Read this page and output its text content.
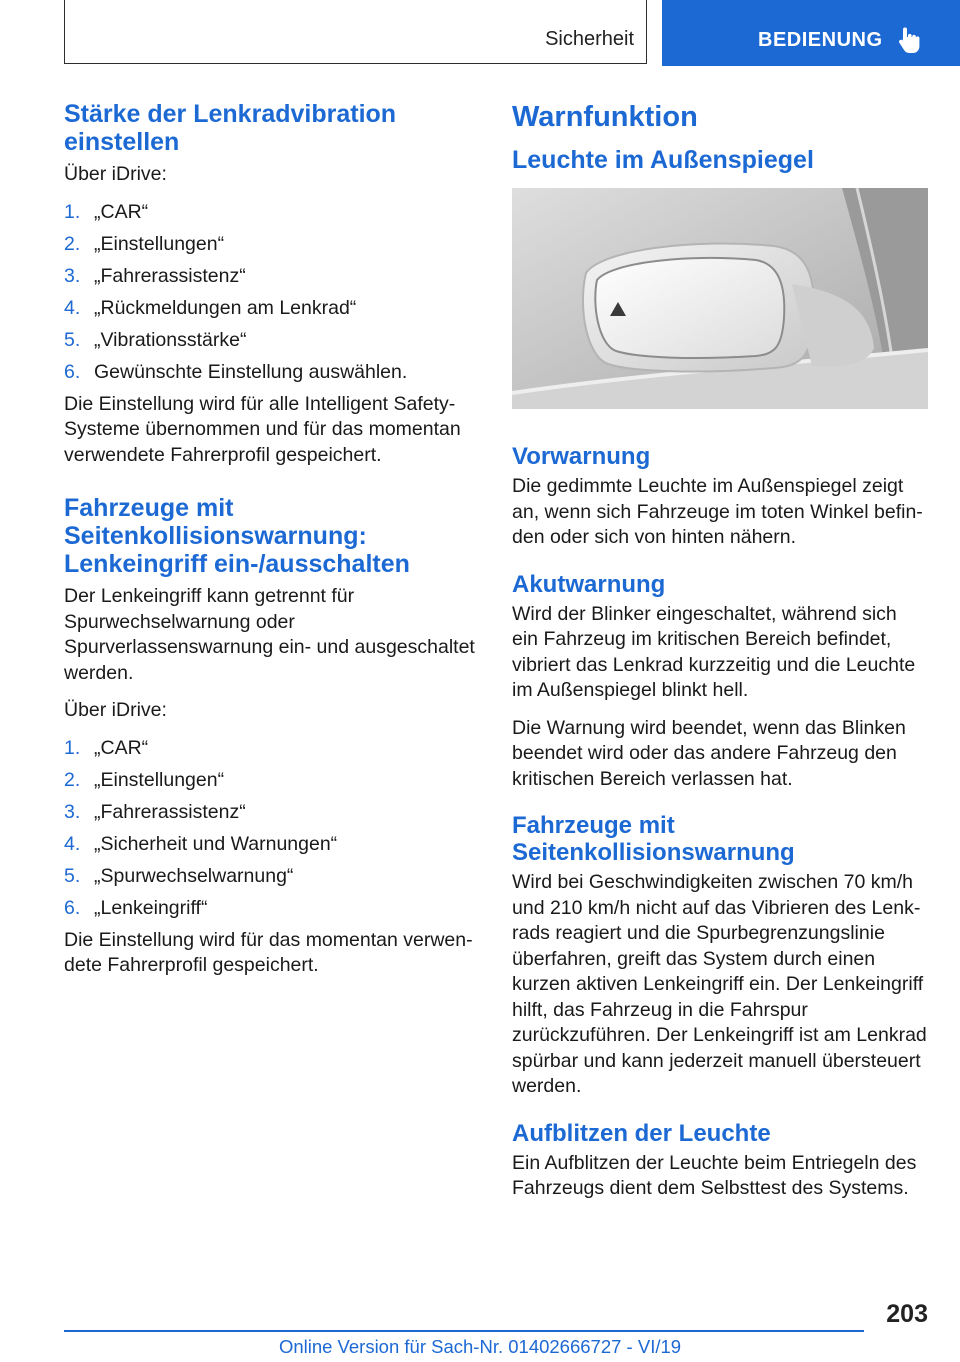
Sicherheit	BEDIENUNG
Stärke der Lenkradvibration einstellen

Über iDrive:

1. „CAR“
2. „Einstellungen“
3. „Fahrerassistenz“
4. „Rückmeldungen am Lenkrad“
5. „Vibrationsstärke“
6. Gewünschte Einstellung auswählen.

Die Einstellung wird für alle Intelligent Safety-Systeme übernommen und für das momentan verwendete Fahrerprofil gespeichert.

Fahrzeuge mit Seitenkollisionswarnung: Lenkeingriff ein-/ausschalten

Der Lenkeingriff kann getrennt für Spurwechselwarnung oder Spurverlassenswarnung ein- und ausgeschaltet werden.

Über iDrive:

1. „CAR“
2. „Einstellungen“
3. „Fahrerassistenz“
4. „Sicherheit und Warnungen“
5. „Spurwechselwarnung“
6. „Lenkeingriff“

Die Einstellung wird für das momentan verwendete Fahrerprofil gespeichert.

Warnfunktion
Leuchte im Außenspiegel
Vorwarnung

Die gedimmte Leuchte im Außenspiegel zeigt an, wenn sich Fahrzeuge im toten Winkel befinden oder sich von hinten nähern.

Akutwarnung

Wird der Blinker eingeschaltet, während sich ein Fahrzeug im kritischen Bereich befindet, vibriert das Lenkrad kurzzeitig und die Leuchte im Außenspiegel blinkt hell.

Die Warnung wird beendet, wenn das Blinken beendet wird oder das andere Fahrzeug den kritischen Bereich verlassen hat.

Fahrzeuge mit Seitenkollisionswarnung

Wird bei Geschwindigkeiten zwischen 70 km/h und 210 km/h nicht auf das Vibrieren des Lenkrads reagiert und die Spurbegrenzungslinie überfahren, greift das System durch einen kurzen aktiven Lenkeingriff ein. Der Lenkeingriff hilft, das Fahrzeug in die Fahrspur zurückzuführen. Der Lenkeingriff ist am Lenkrad spürbar und kann jederzeit manuell übersteuert werden.

Aufblitzen der Leuchte

Ein Aufblitzen der Leuchte beim Entriegeln des Fahrzeugs dient dem Selbsttest des Systems.

203
Online Version für Sach-Nr. 01402666727 - VI/19
